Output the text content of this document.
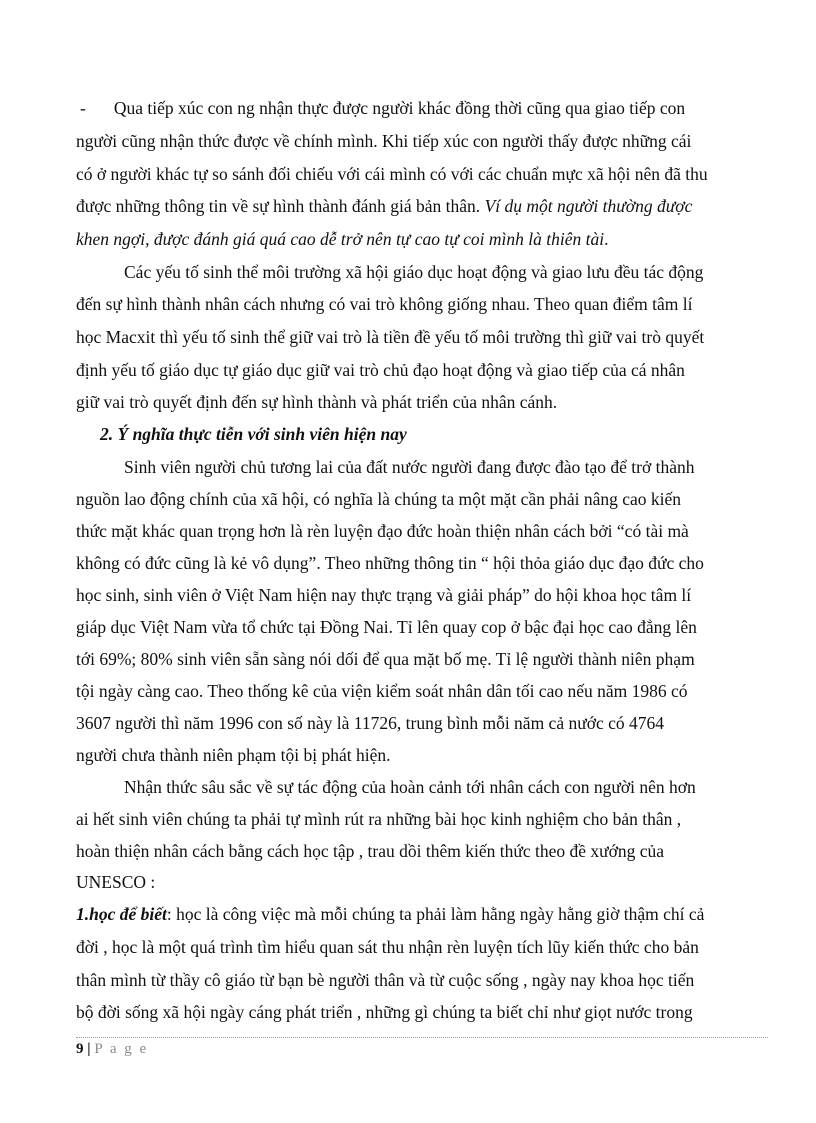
- Qua tiếp xúc con ng nhận thực được người khác đồng thời cũng qua giao tiếp con
người cũng nhận thức được về chính mình. Khi tiếp xúc con người thấy được những cái
có ở người khác tự so sánh đối chiếu với cái mình có với các chuẩn mực xã hội nên đã thu
được những thông tin về sự hình thành đánh giá bản thân. Ví dụ một người thường được
khen ngợi, được đánh giá quá cao dễ trở nên tự cao tự coi mình là thiên tài.
Các yếu tố sinh thể môi trường xã hội giáo dục hoạt động và giao lưu đều tác động
đến sự hình thành nhân cách nhưng có vai trò không giống nhau. Theo quan điểm tâm lí
học Macxit thì yếu tố sinh thể giữ vai trò là tiền đề yếu tố môi trường thì giữ vai trò quyết
định yếu tố giáo dục tự giáo dục giữ vai trò chủ đạo hoạt động và giao tiếp của cá nhân
giữ vai trò quyết định đến sự hình thành và phát triển của nhân cánh.
2. Ý nghĩa thực tiễn với sinh viên hiện nay
Sinh viên người chủ tương lai của đất nước người đang được đào tạo để trở thành
nguồn lao động chính của xã hội, có nghĩa là chúng ta một mặt cần phải nâng cao kiến
thức mặt khác quan trọng hơn là rèn luyện đạo đức hoàn thiện nhân cách bởi “có tài mà
không có đức cũng là kẻ vô dụng”. Theo những thông tin “ hội thỏa giáo dục đạo đức cho
học sinh, sinh viên ở Việt Nam hiện nay thực trạng và giải pháp” do hội khoa học tâm lí
giáp dục Việt Nam vừa tổ chức tại Đồng Nai. Tỉ lên quay cop ở bậc đại học cao đẳng lên
tới 69%; 80% sinh viên sẵn sàng nói dối để qua mặt bố mẹ. Tỉ lệ người thành niên phạm
tội ngày càng cao. Theo thống kê của viện kiểm soát nhân dân tối cao nếu năm 1986 có
3607 người thì năm 1996 con số này là 11726, trung bình mỗi năm cả nước có 4764
người chưa thành niên phạm tội bị phát hiện.
Nhận thức sâu sắc về sự tác động của hoàn cảnh tới nhân cách con người nên hơn
ai hết sinh viên chúng ta phải tự mình rút ra những bài học kinh nghiệm cho bản thân ,
hoàn thiện nhân cách bằng cách học tập , trau dồi thêm kiến thức theo đề xướng của
UNESCO :
1.học để biết: học là công việc mà mỗi chúng ta phải làm hằng ngày hằng giờ thậm chí cả
đời , học là một quá trình tìm hiểu quan sát thu nhận rèn luyện tích lũy kiến thức cho bản
thân mình từ thầy cô giáo từ bạn bè người thân và từ cuộc sống , ngày nay khoa học tiến
bộ đời sống xã hội ngày cáng phát triển , những gì chúng ta biết chỉ như giọt nước trong
9 | P a g e
